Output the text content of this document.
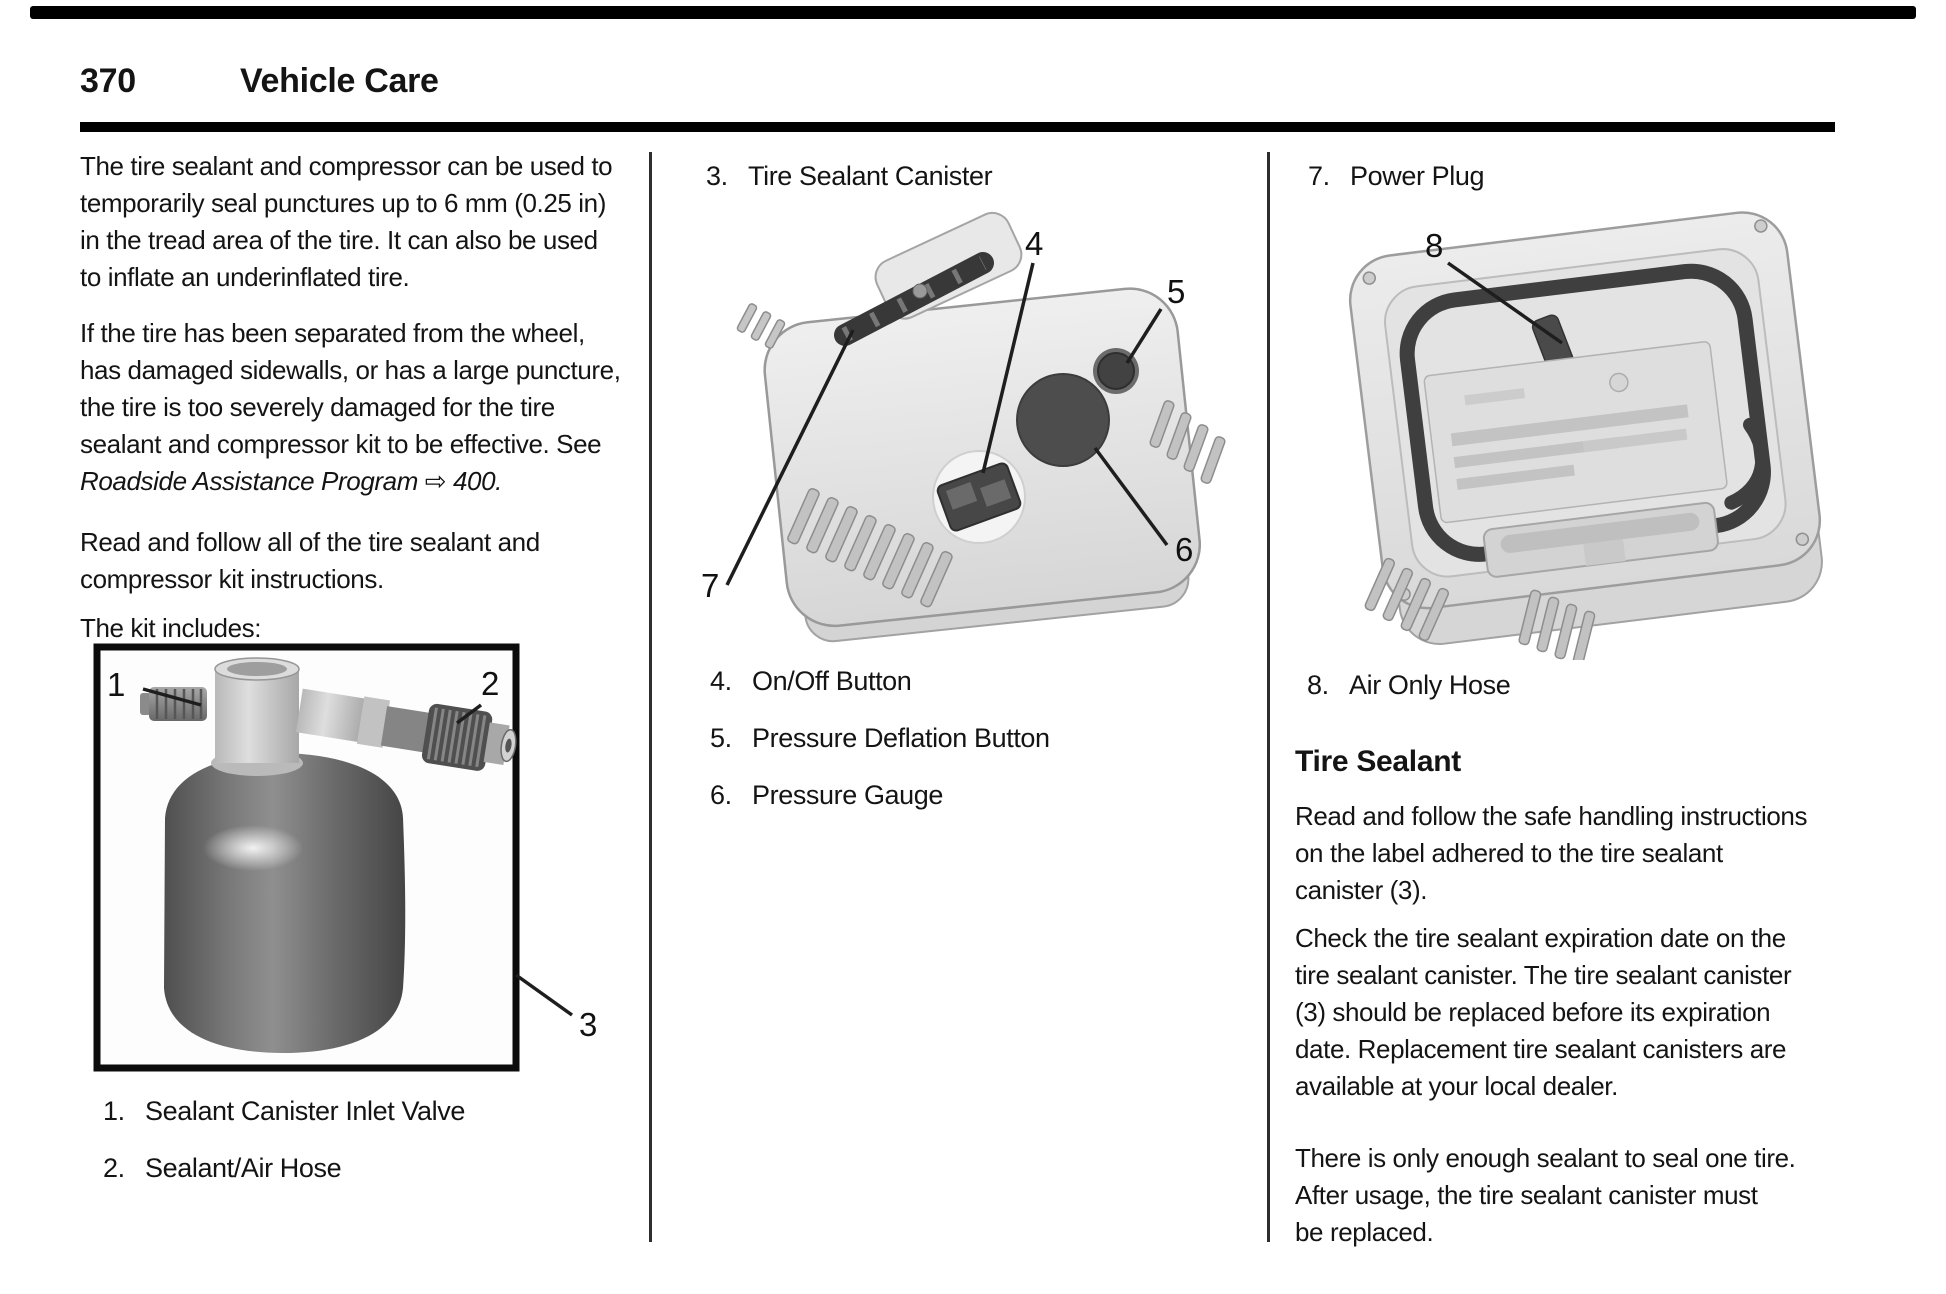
370	Vehicle Care
The tire sealant and compressor can be used to
temporarily seal punctures up to 6 mm (0.25 in)
in the tread area of the tire. It can also be used
to inflate an underinflated tire.
If the tire has been separated from the wheel,
has damaged sidewalls, or has a large puncture,
the tire is too severely damaged for the tire
sealant and compressor kit to be effective. See
Roadside Assistance Program ⇨ 400.
Read and follow all of the tire sealant and
compressor kit instructions.
The kit includes:
1	2
3
1. Sealant Canister Inlet Valve
2. Sealant/Air Hose
3. Tire Sealant Canister
4
5
6
7
4. On/Off Button
5. Pressure Deflation Button
6. Pressure Gauge
7. Power Plug
8
8. Air Only Hose
Tire Sealant
Read and follow the safe handling instructions
on the label adhered to the tire sealant
canister (3).
Check the tire sealant expiration date on the
tire sealant canister. The tire sealant canister
(3) should be replaced before its expiration
date. Replacement tire sealant canisters are
available at your local dealer.
There is only enough sealant to seal one tire.
After usage, the tire sealant canister must
be replaced.
